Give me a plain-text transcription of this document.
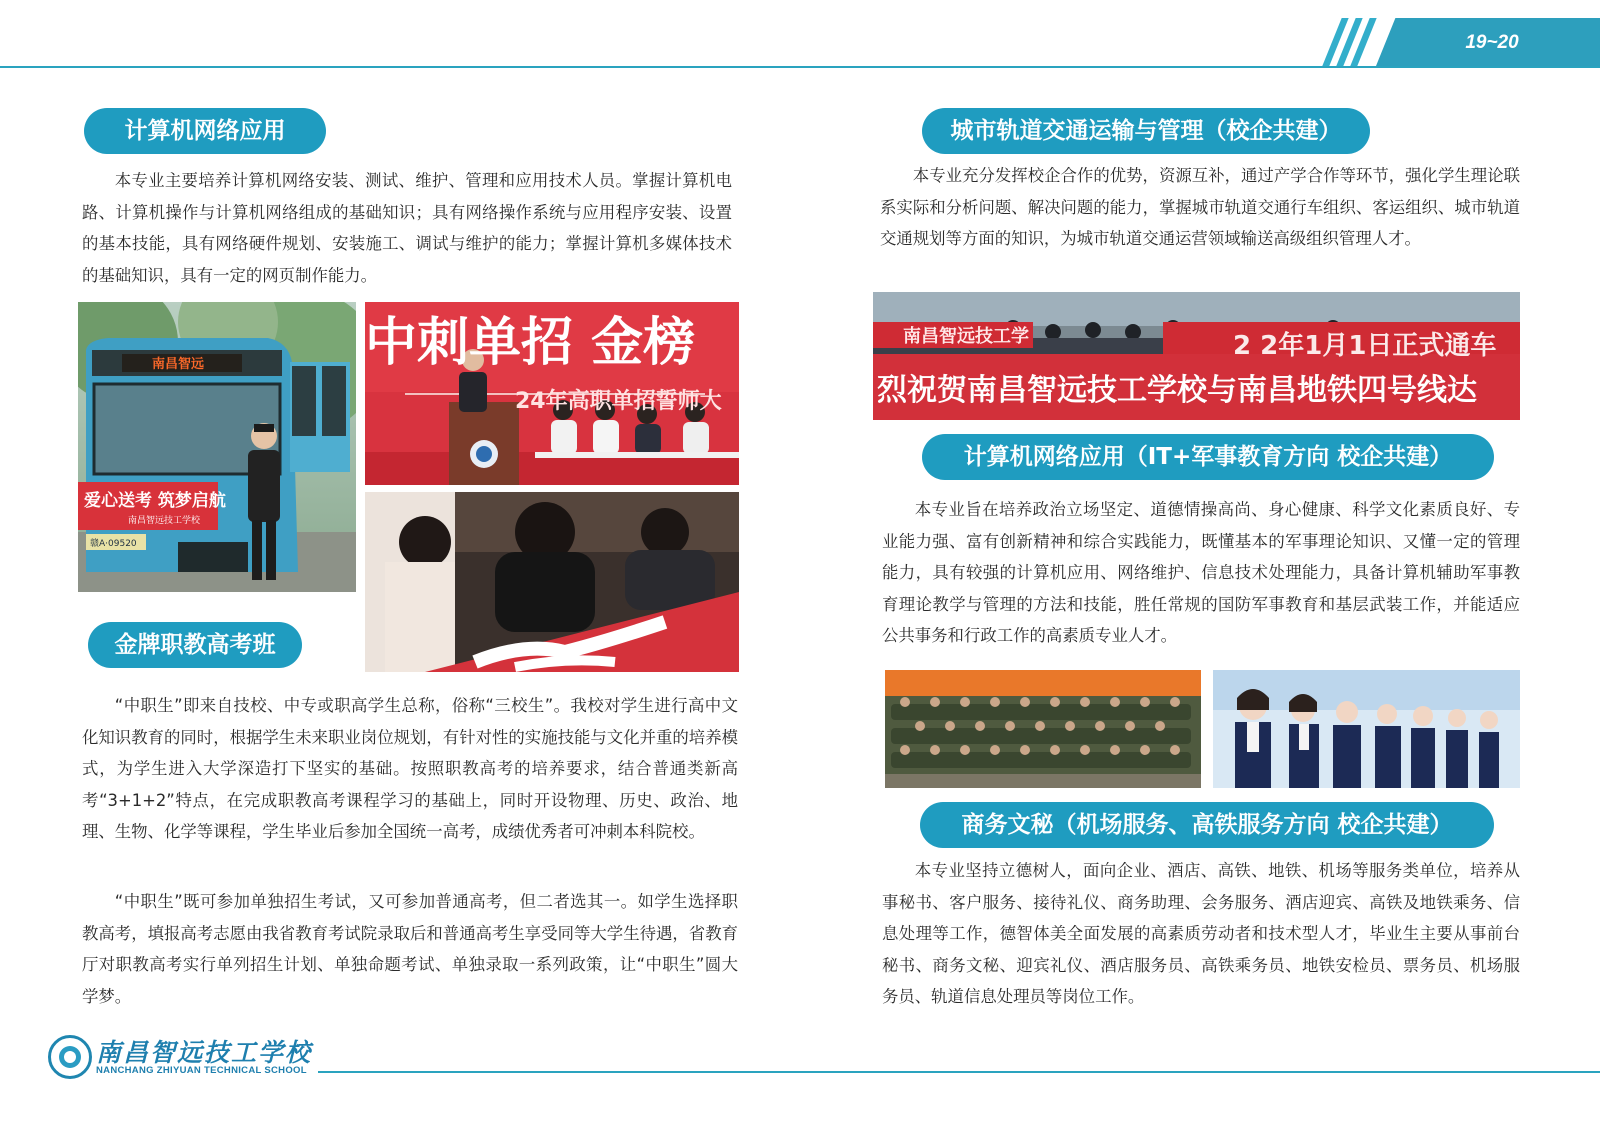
19~20
计算机网络应用

本专业主要培养计算机网络安装、测试、维护、管理和应用技术人员。掌握计算机电路、计算机操作与计算机网络组成的基础知识；具有网络操作系统与应用程序安装、设置的基本技能，具有网络硬件规划、安装施工、调试与维护的能力；掌握计算机多媒体技术的基础知识，具有一定的网页制作能力。

南昌智远
爱心送考 筑梦启航
南昌智远技工学校
赣A·09520
中刺单招 金榜
24年高职单招誓师大
金牌职教高考班

“中职生”即来自技校、中专或职高学生总称，俗称“三校生”。我校对学生进行高中文化知识教育的同时，根据学生未来职业岗位规划，有针对性的实施技能与文化并重的培养模式，为学生进入大学深造打下坚实的基础。按照职教高考的培养要求，结合普通类新高考“3+1+2”特点，在完成职教高考课程学习的基础上，同时开设物理、历史、政治、地理、生物、化学等课程，学生毕业后参加全国统一高考，成绩优秀者可冲刺本科院校。

“中职生”既可参加单独招生考试，又可参加普通高考，但二者选其一。如学生选择职教高考，填报高考志愿由我省教育考试院录取后和普通高考生享受同等大学生待遇，省教育厅对职教高考实行单列招生计划、单独命题考试、单独录取一系列政策，让“中职生”圆大学梦。

城市轨道交通运输与管理（校企共建）

本专业充分发挥校企合作的优势，资源互补，通过产学合作等环节，强化学生理论联系实际和分析问题、解决问题的能力，掌握城市轨道交通行车组织、客运组织、城市轨道交通规划等方面的知识，为城市轨道交通运营领域输送高级组织管理人才。

南昌智远技工学	2 2年1月1日正式通车
烈祝贺南昌智远技工学校与南昌地铁四号线达
计算机网络应用（IT+军事教育方向 校企共建）

本专业旨在培养政治立场坚定、道德情操高尚、身心健康、科学文化素质良好、专业能力强、富有创新精神和综合实践能力，既懂基本的军事理论知识、又懂一定的管理能力，具有较强的计算机应用、网络维护、信息技术处理能力，具备计算机辅助军事教育理论教学与管理的方法和技能，胜任常规的国防军事教育和基层武装工作，并能适应公共事务和行政工作的高素质专业人才。

商务文秘（机场服务、高铁服务方向 校企共建）

本专业坚持立德树人，面向企业、酒店、高铁、地铁、机场等服务类单位，培养从事秘书、客户服务、接待礼仪、商务助理、会务服务、酒店迎宾、高铁及地铁乘务、信息处理等工作，德智体美全面发展的高素质劳动者和技术型人才，毕业生主要从事前台秘书、商务文秘、迎宾礼仪、酒店服务员、高铁乘务员、地铁安检员、票务员、机场服务员、轨道信息处理员等岗位工作。

南昌智远技工学校
NANCHANG ZHIYUAN TECHNICAL SCHOOL
